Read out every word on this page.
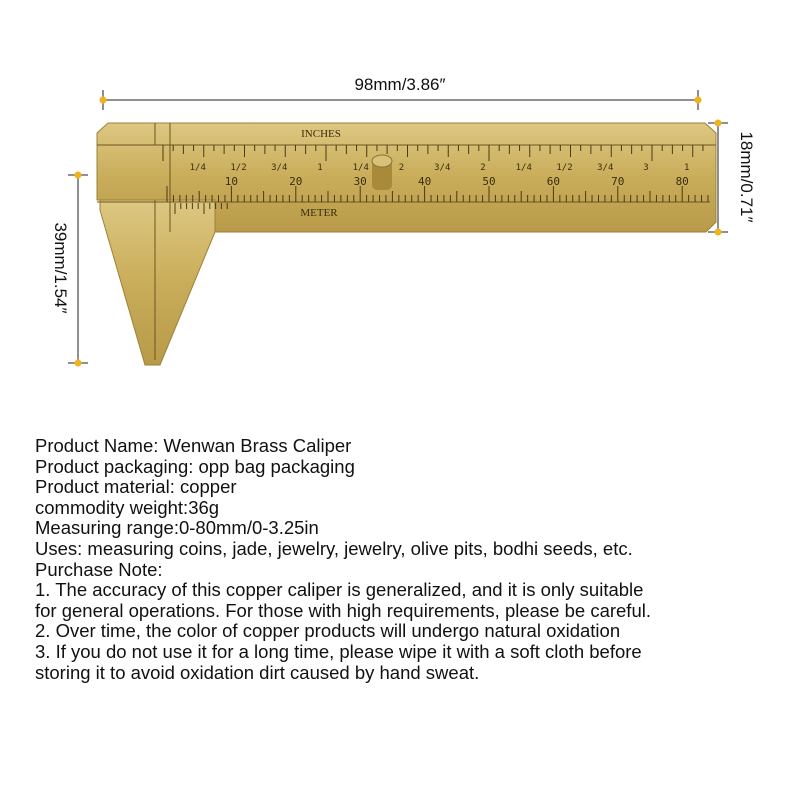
10	20	30	40	50	60	70	80
1/4	1/2	3/4	1	1/4	2	3/4	2	1/4	1/2	3/4	3	1
INCHES
METER
98mm/3.86″
39mm/1.54″
18mm/0.71″
Product Name: Wenwan Brass Caliper
Product packaging: opp bag packaging
Product material: copper
commodity weight:36g
Measuring range:0-80mm/0-3.25in
Uses: measuring coins, jade, jewelry, jewelry, olive pits, bodhi seeds, etc.
Purchase Note:
1. The accuracy of this copper caliper is generalized, and it is only suitable
for general operations. For those with high requirements, please be careful.
2. Over time, the color of copper products will undergo natural oxidation
3. If you do not use it for a long time, please wipe it with a soft cloth before
storing it to avoid oxidation dirt caused by hand sweat.
